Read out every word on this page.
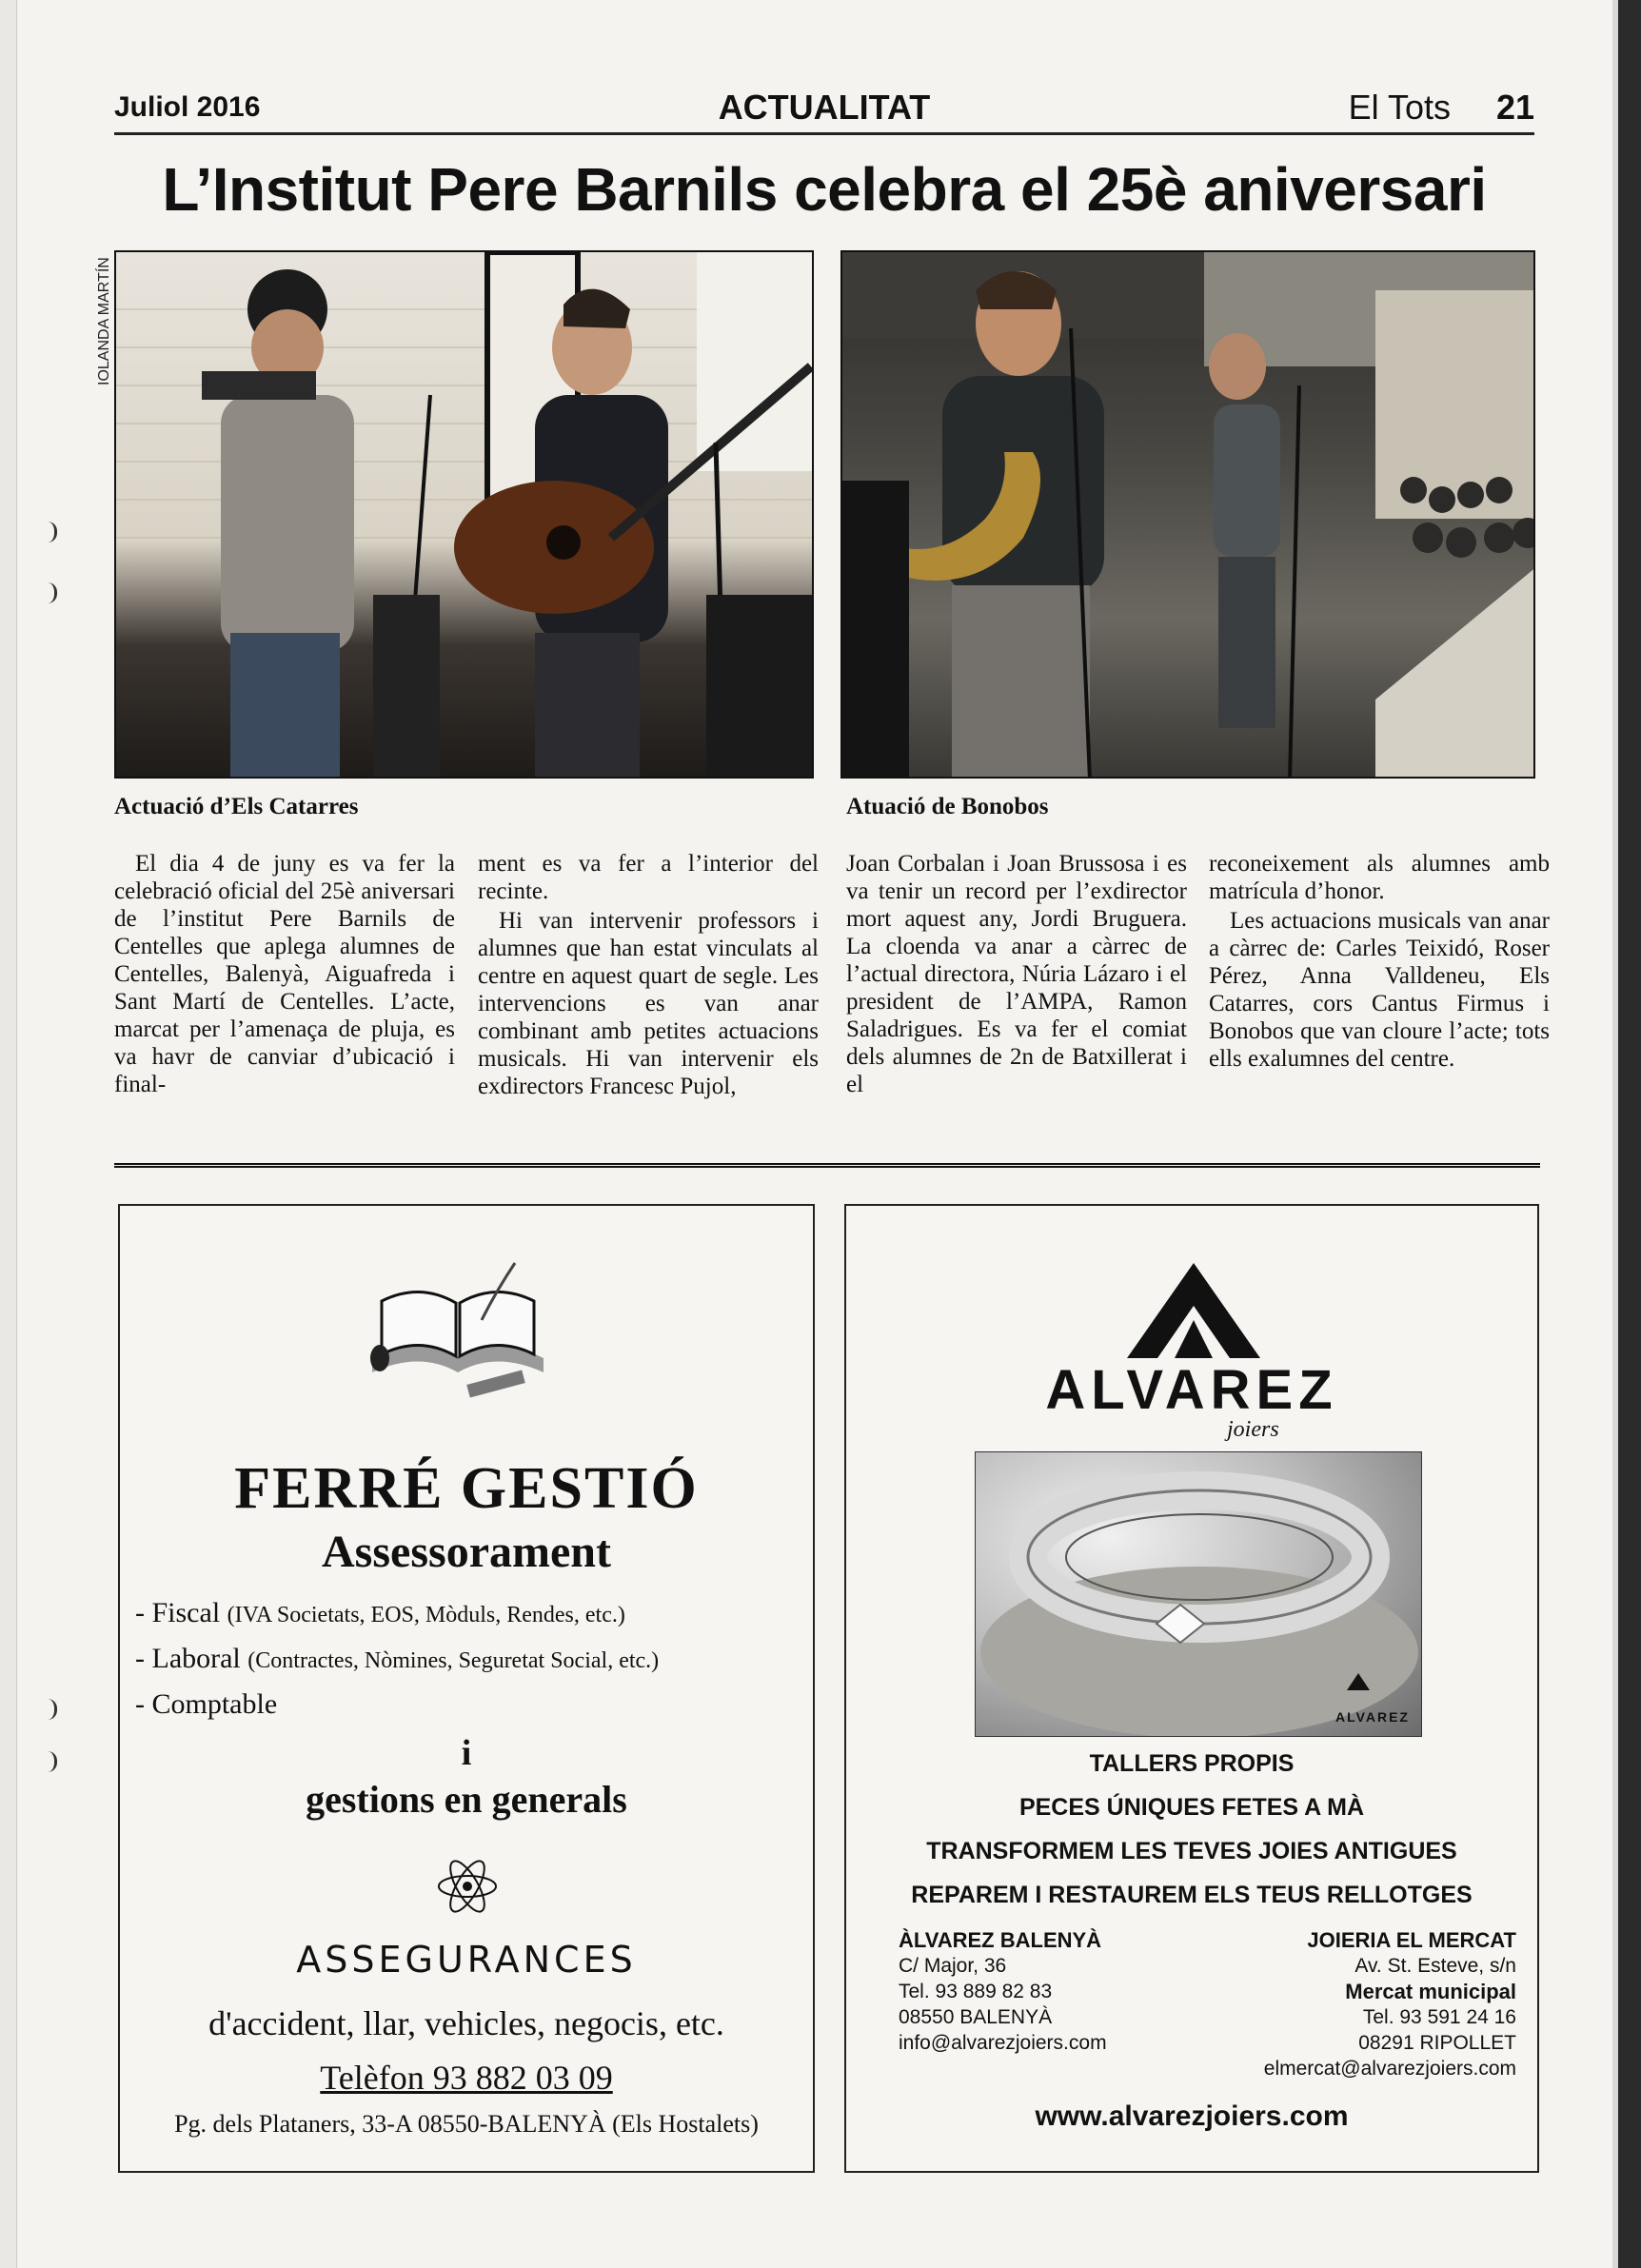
Juliol 2016	ACTUALITAT	El Tots 21
L’Institut Pere Barnils celebra el 25è aniversari
IOLANDA MARTÍN
Actuació d’Els Catarres	Atuació de Bonobos

El dia 4 de juny es va fer la celebració oficial del 25è aniversari de l’institut Pere Barnils de Centelles que aplega alumnes de Centelles, Balenyà, Aiguafreda i Sant Martí de Centelles. L’acte, marcat per l’amenaça de pluja, es va havr de canviar d’ubicació i final-

ment es va fer a l’interior del recinte.

Hi van intervenir professors i alumnes que han estat vinculats al centre en aquest quart de segle. Les intervencions es van anar combinant amb petites actuacions musicals. Hi van intervenir els exdirectors Francesc Pujol,

Joan Corbalan i Joan Brussosa i es va tenir un record per l’exdirector mort aquest any, Jordi Bruguera. La cloenda va anar a càrrec de l’actual directora, Núria Lázaro i el president de l’AMPA, Ramon Saladrigues. Es va fer el comiat dels alumnes de 2n de Batxillerat i el

reconeixement als alumnes amb matrícula d’honor.

Les actuacions musicals van anar a càrrec de: Carles Teixidó, Roser Pérez, Anna Valldeneu, Els Catarres, cors Cantus Firmus i Bonobos que van cloure l’acte; tots ells exalumnes del centre.

FERRÉ GESTIÓ
Assessorament
- Fiscal (IVA Societats, EOS, Mòduls, Rendes, etc.)
- Laboral (Contractes, Nòmines, Seguretat Social, etc.)
- Comptable
i
gestions en generals
ASSEGURANCES
d'accident, llar, vehicles, negocis, etc.
Telèfon 93 882 03 09
Pg. dels Plataners, 33-A 08550-BALENYÀ (Els Hostalets)
ALVAREZ
joiers
ALVAREZ
TALLERS PROPIS
PECES ÚNIQUES FETES A MÀ
TRANSFORMEM LES TEVES JOIES ANTIGUES
REPAREM I RESTAUREM ELS TEUS RELLOTGES
ÀLVAREZ BALENYÀ
C/ Major, 36
Tel. 93 889 82 83
08550 BALENYÀ
info@alvarezjoiers.com
JOIERIA EL MERCAT
Av. St. Esteve, s/n
Mercat municipal
Tel. 93 591 24 16
08291 RIPOLLET
elmercat@alvarezjoiers.com
www.alvarezjoiers.com
